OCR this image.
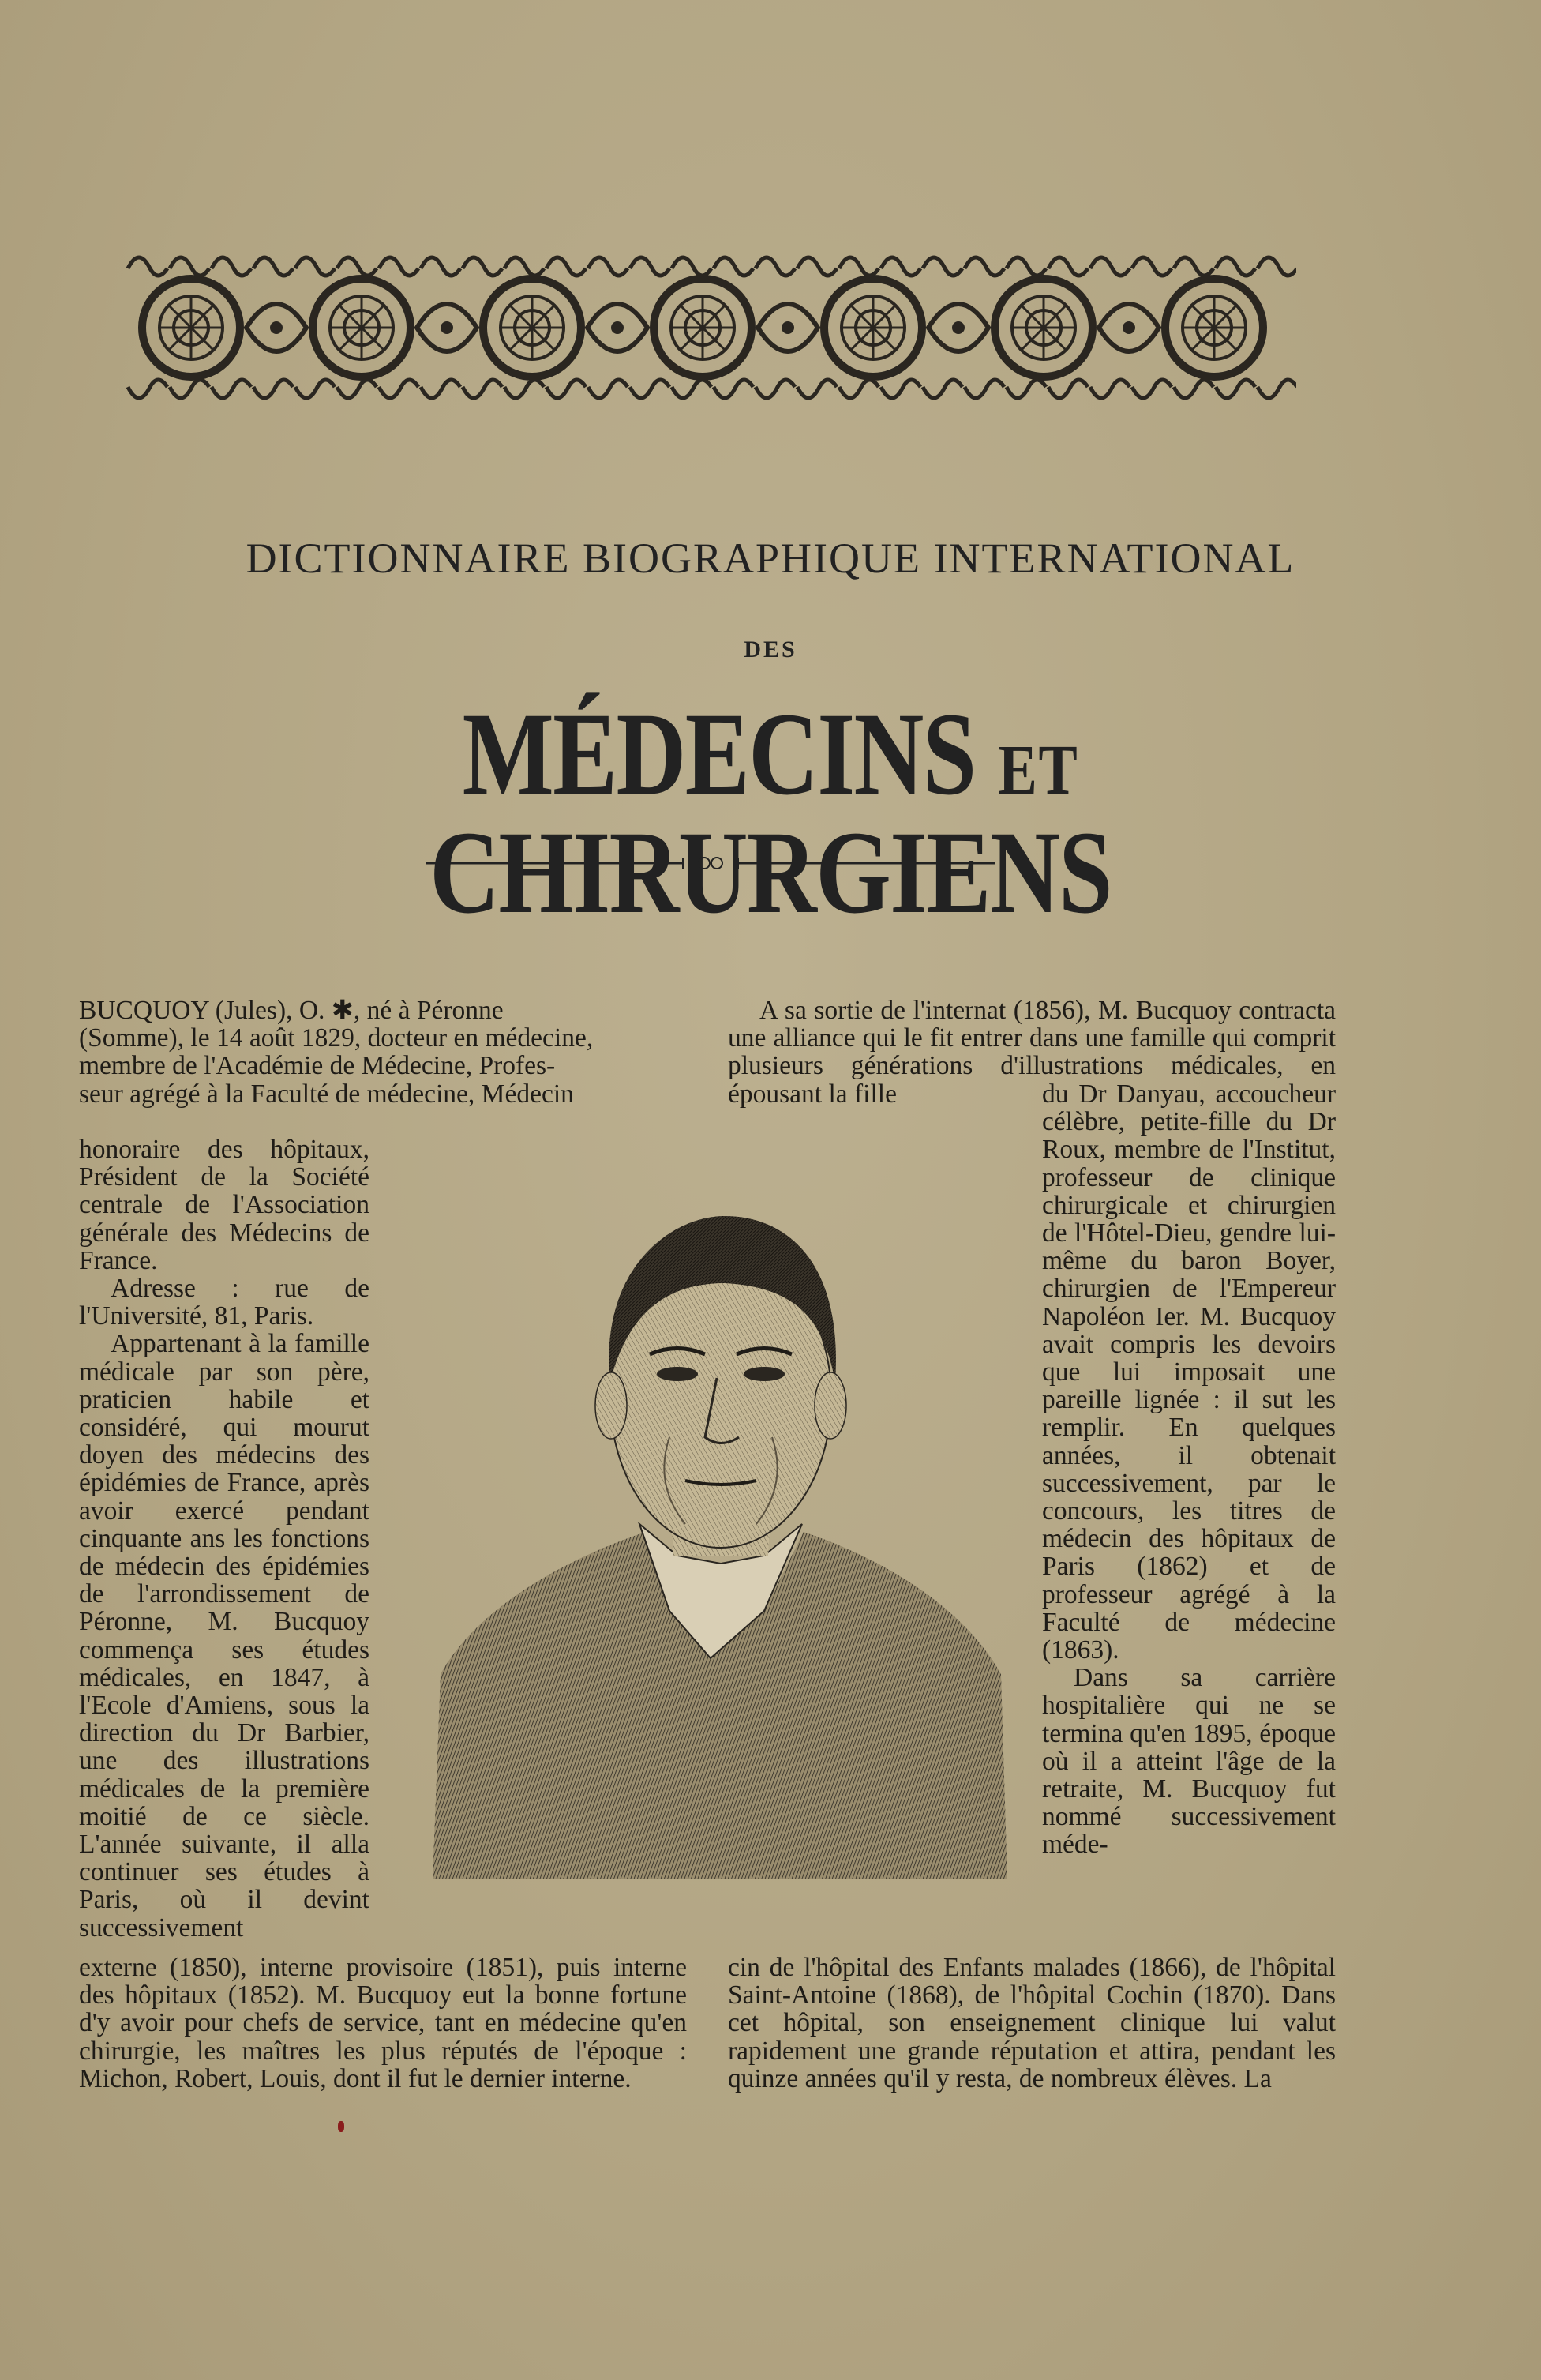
DICTIONNAIRE BIOGRAPHIQUE INTERNATIONAL
DES
MÉDECINS ET CHIRURGIENS

BUCQUOY (Jules), O. ✱, né à Péronne

(Somme), le 14 août 1829, docteur en médecine,

membre de l'Académie de Médecine, Profes-

seur agrégé à la Faculté de médecine, Médecin

honoraire des hôpitaux, Président de la Société centrale de l'Association générale des Médecins de France.

Adresse : rue de l'Université, 81, Paris.

Appartenant à la famille médicale par son père, praticien habile et considéré, qui mourut doyen des médecins des épidémies de France, après avoir exercé pendant cinquante ans les fonctions de médecin des épidémies de l'arrondissement de Péronne, M. Bucquoy commença ses études médicales, en 1847, à l'Ecole d'Amiens, sous la direction du Dr Barbier, une des illustrations médicales de la première moitié de ce siècle. L'année suivante, il alla continuer ses études à Paris, où il devint successivement

A sa sortie de l'internat (1856), M. Bucquoy contracta une alliance qui le fit entrer dans une famille qui comprit plusieurs générations d'illustrations médicales, en épousant la fille	du Dr Danyau, accoucheur célèbre, petite-fille du Dr Roux, membre de l'Institut, professeur de clinique chirurgicale et chirurgien de l'Hôtel-Dieu, gendre lui-même du baron Boyer, chirurgien de l'Empereur Napoléon Ier. M. Bucquoy avait compris les devoirs que lui imposait une pareille lignée : il sut les remplir. En quelques années, il obtenait successivement, par le concours, les titres de médecin des hôpitaux de Paris (1862) et de professeur agrégé à la Faculté de médecine (1863).

Dans sa carrière hospitalière qui ne se termina qu'en 1895, époque où il a atteint l'âge de la retraite, M. Bucquoy fut nommé successivement méde-

externe (1850), interne provisoire (1851), puis interne des hôpitaux (1852). M. Bucquoy eut la bonne fortune d'y avoir pour chefs de service, tant en médecine qu'en chirurgie, les maîtres les plus réputés de l'époque : Michon, Robert, Louis, dont il fut le dernier interne.

cin de l'hôpital des Enfants malades (1866), de l'hôpital Saint-Antoine (1868), de l'hôpital Cochin (1870). Dans cet hôpital, son enseignement clinique lui valut rapidement une grande réputation et attira, pendant les quinze années qu'il y resta, de nombreux élèves. La
